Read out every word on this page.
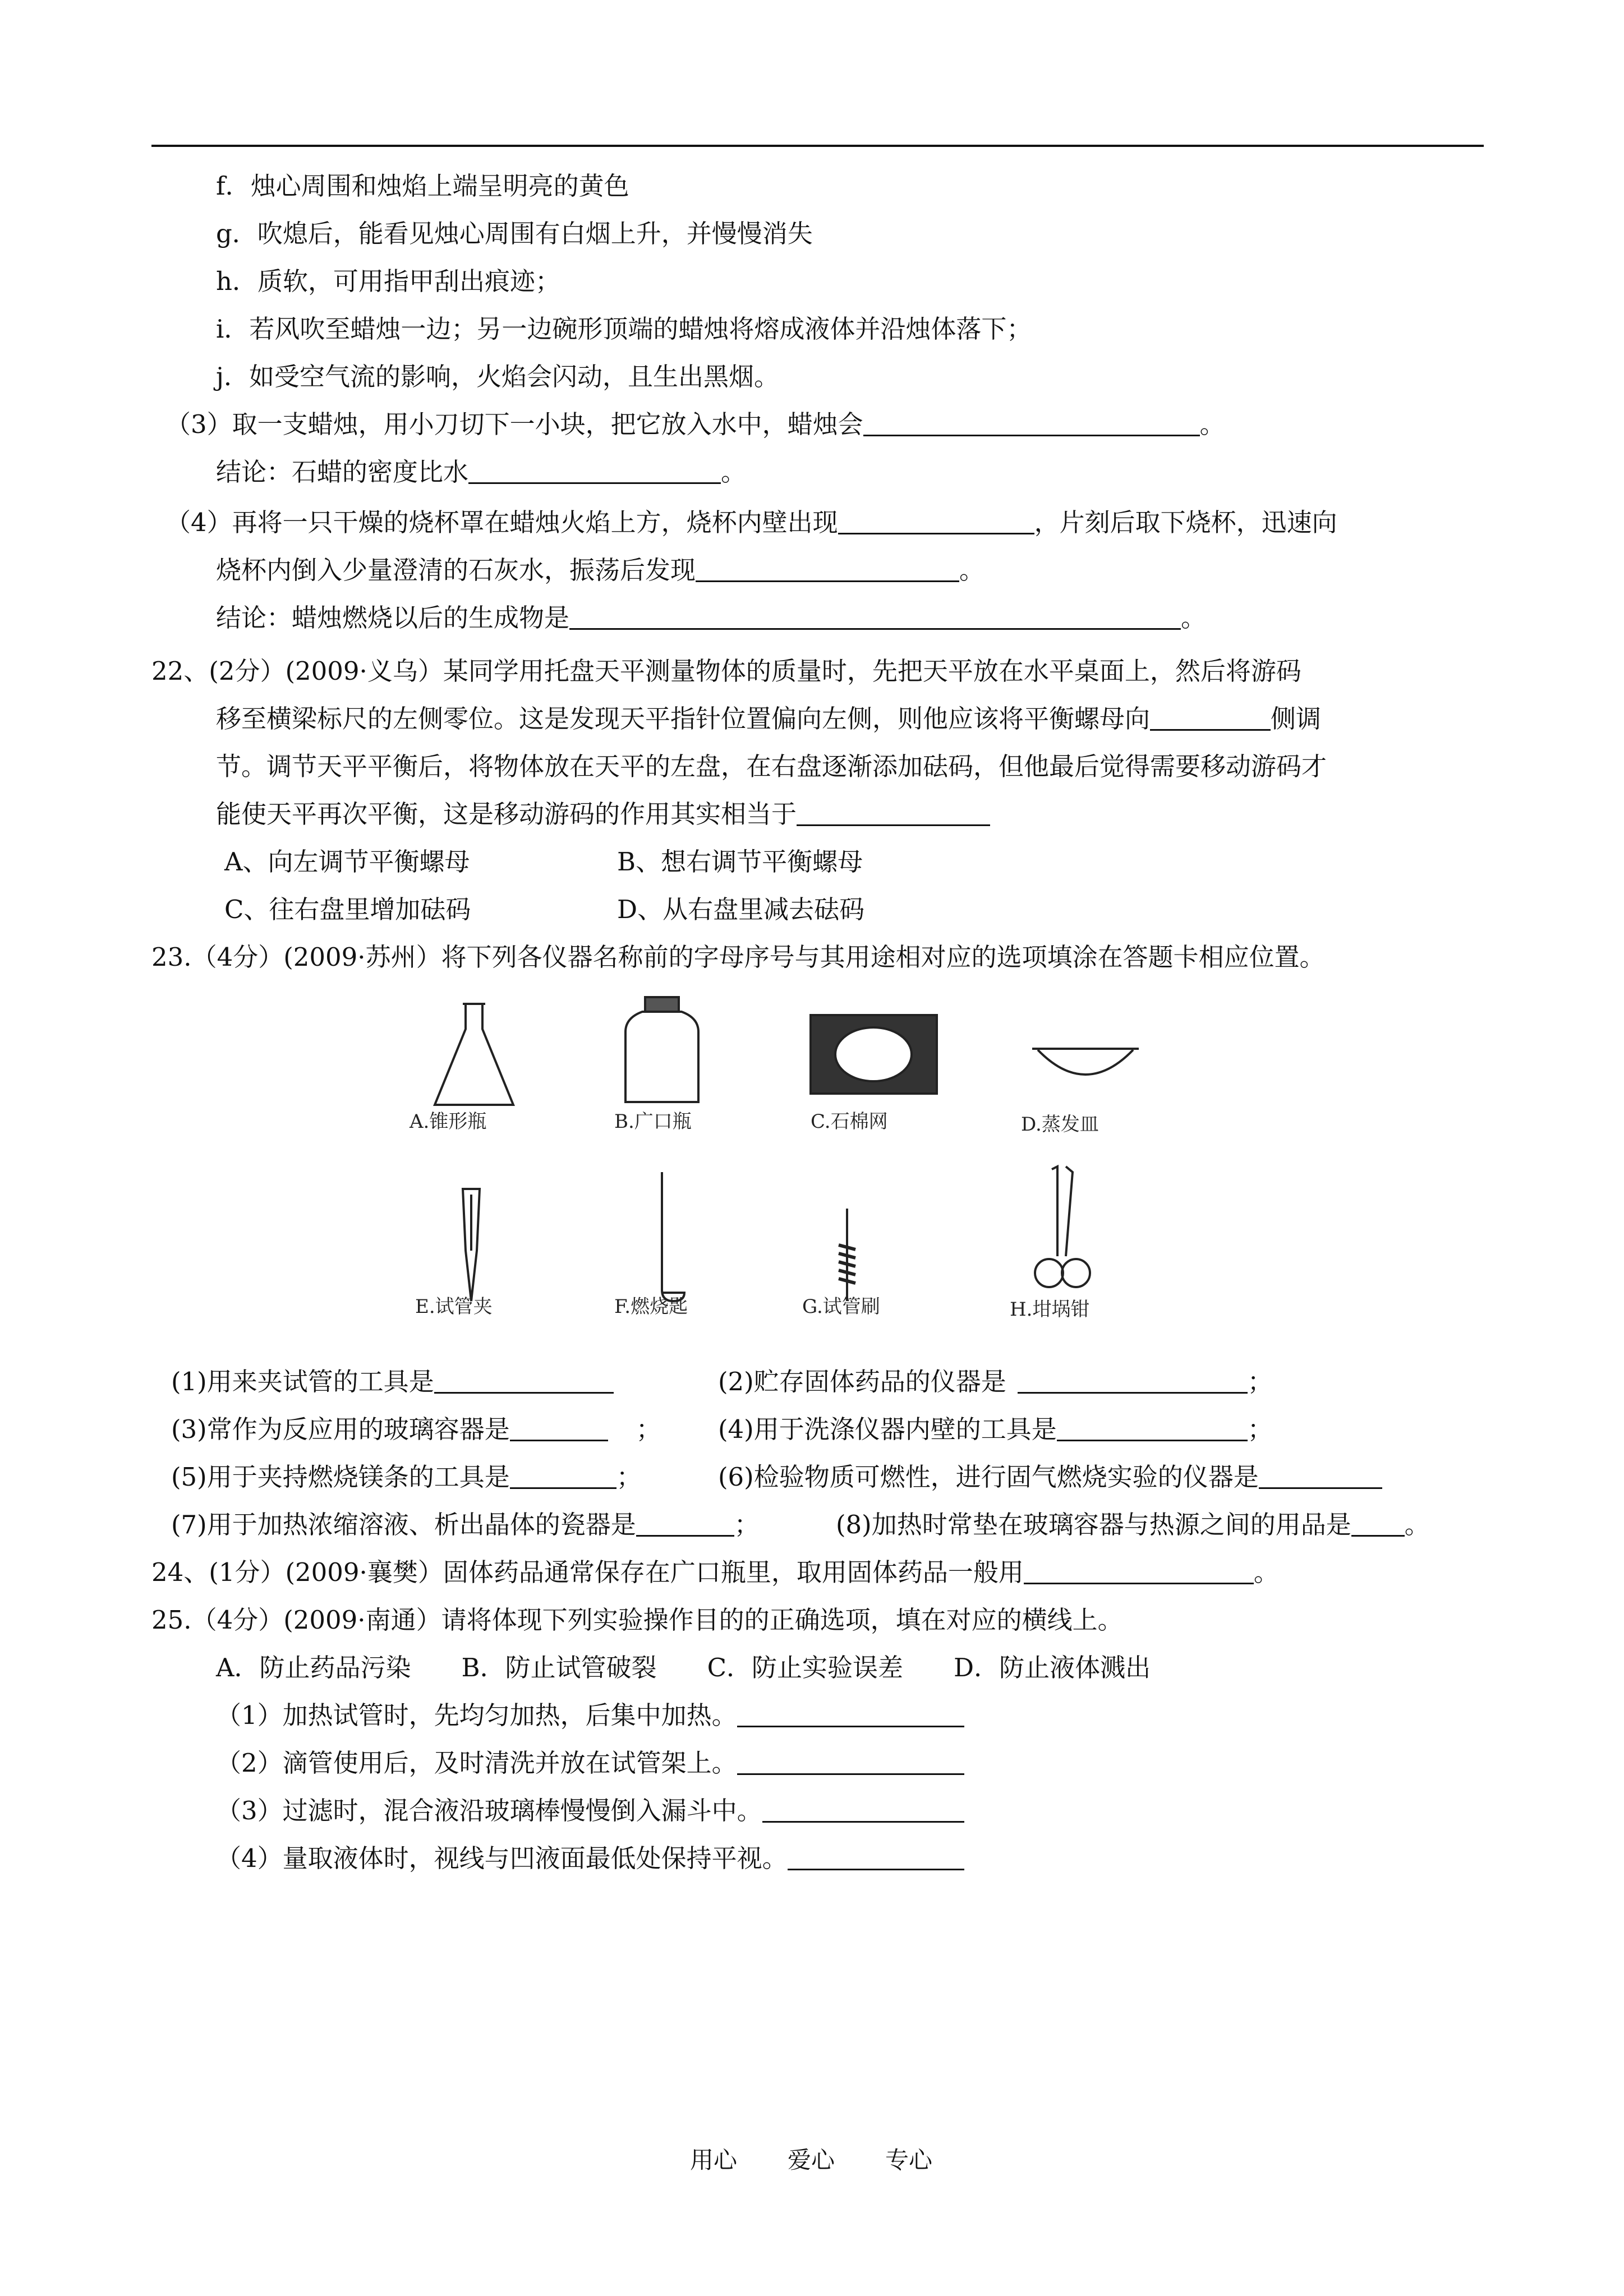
f．烛心周围和烛焰上端呈明亮的黄色
g．吹熄后，能看见烛心周围有白烟上升，并慢慢消失
h．质软，可用指甲刮出痕迹；
i．若风吹至蜡烛一边；另一边碗形顶端的蜡烛将熔成液体并沿烛体落下；
j．如受空气流的影响，火焰会闪动，且生出黑烟。
（3）取一支蜡烛，用小刀切下一小块，把它放入水中，蜡烛会	。
结论：石蜡的密度比水	。
（4）再将一只干燥的烧杯罩在蜡烛火焰上方，烧杯内壁出现	，片刻后取下烧杯，迅速向
烧杯内倒入少量澄清的石灰水，振荡后发现	。
结论：蜡烛燃烧以后的生成物是	。
22、(2分）(2009·义乌）某同学用托盘天平测量物体的质量时，先把天平放在水平桌面上，然后将游码
移至横梁标尺的左侧零位。这是发现天平指针位置偏向左侧，则他应该将平衡螺母向	侧调
节。调节天平平衡后，将物体放在天平的左盘，在右盘逐渐添加砝码，但他最后觉得需要移动游码才
能使天平再次平衡，这是移动游码的作用其实相当于
A、向左调节平衡螺母	B、想右调节平衡螺母
C、往右盘里增加砝码	D、从右盘里减去砝码
23.（4分）(2009·苏州）将下列各仪器名称前的字母序号与其用途相对应的选项填涂在答题卡相应位置。
A.锥形瓶	B.广口瓶	C.石棉网	D.蒸发皿
E.试管夹	F.燃烧匙	G.试管刷	H.坩埚钳
(1)用来夹试管的工具是	(2)贮存固体药品的仪器是	；
(3)常作为反应用的玻璃容器是	； (4)用于洗涤仪器内壁的工具是	；
(5)用于夹持燃烧镁条的工具是	；	(6)检验物质可燃性，进行固气燃烧实验的仪器是
(7)用于加热浓缩溶液、析出晶体的瓷器是	；	(8)加热时常垫在玻璃容器与热源之间的用品是 。
24、(1分）(2009·襄樊）固体药品通常保存在广口瓶里，取用固体药品一般用	。
25.（4分）(2009·南通）请将体现下列实验操作目的的正确选项，填在对应的横线上。
A．防止药品污染　　B．防止试管破裂　　C．防止实验误差　　D．防止液体溅出
（1）加热试管时，先均匀加热，后集中加热。
（2）滴管使用后，及时清洗并放在试管架上。
（3）过滤时，混合液沿玻璃棒慢慢倒入漏斗中。
（4）量取液体时，视线与凹液面最低处保持平视。
用心 爱心 专心
